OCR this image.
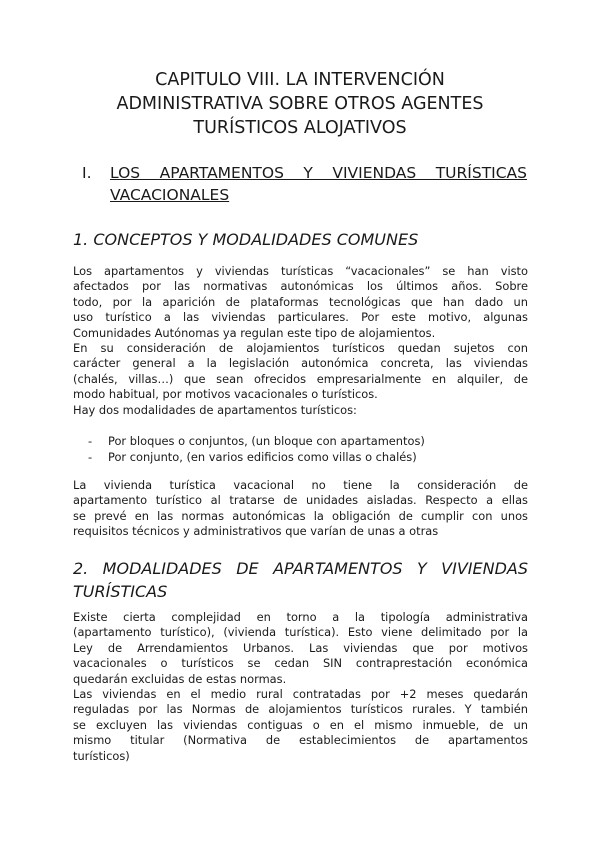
CAPITULO VIII. LA INTERVENCIÓN
ADMINISTRATIVA SOBRE OTROS AGENTES
TURÍSTICOS ALOJATIVOS
I. LOS APARTAMENTOS Y VIVIENDAS TURÍSTICAS VACACIONALES
1. CONCEPTOS Y MODALIDADES COMUNES

Los apartamentos y viviendas turísticas “vacacionales” se han visto
afectados por las normativas autonómicas los últimos años. Sobre
todo, por la aparición de plataformas tecnológicas que han dado un
uso turístico a las viviendas particulares. Por este motivo, algunas
Comunidades Autónomas ya regulan este tipo de alojamientos.
En su consideración de alojamientos turísticos quedan sujetos con
carácter general a la legislación autonómica concreta, las viviendas
(chalés, villas…) que sean ofrecidos empresarialmente en alquiler, de
modo habitual, por motivos vacacionales o turísticos.
Hay dos modalidades de apartamentos turísticos:

- Por bloques o conjuntos, (un bloque con apartamentos)
- Por conjunto, (en varios edificios como villas o chalés)

La vivienda turística vacacional no tiene la consideración de
apartamento turístico al tratarse de unidades aisladas. Respecto a ellas
se prevé en las normas autonómicas la obligación de cumplir con unos
requisitos técnicos y administrativos que varían de unas a otras

2. MODALIDADES DE APARTAMENTOS Y VIVIENDAS TURÍSTICAS

Existe cierta complejidad en torno a la tipología administrativa
(apartamento turístico), (vivienda turística). Esto viene delimitado por la
Ley de Arrendamientos Urbanos. Las viviendas que por motivos
vacacionales o turísticos se cedan SIN contraprestación económica
quedarán excluidas de estas normas.
Las viviendas en el medio rural contratadas por +2 meses quedarán
reguladas por las Normas de alojamientos turísticos rurales. Y también
se excluyen las viviendas contiguas o en el mismo inmueble, de un
mismo titular (Normativa de establecimientos de apartamentos
turísticos)
